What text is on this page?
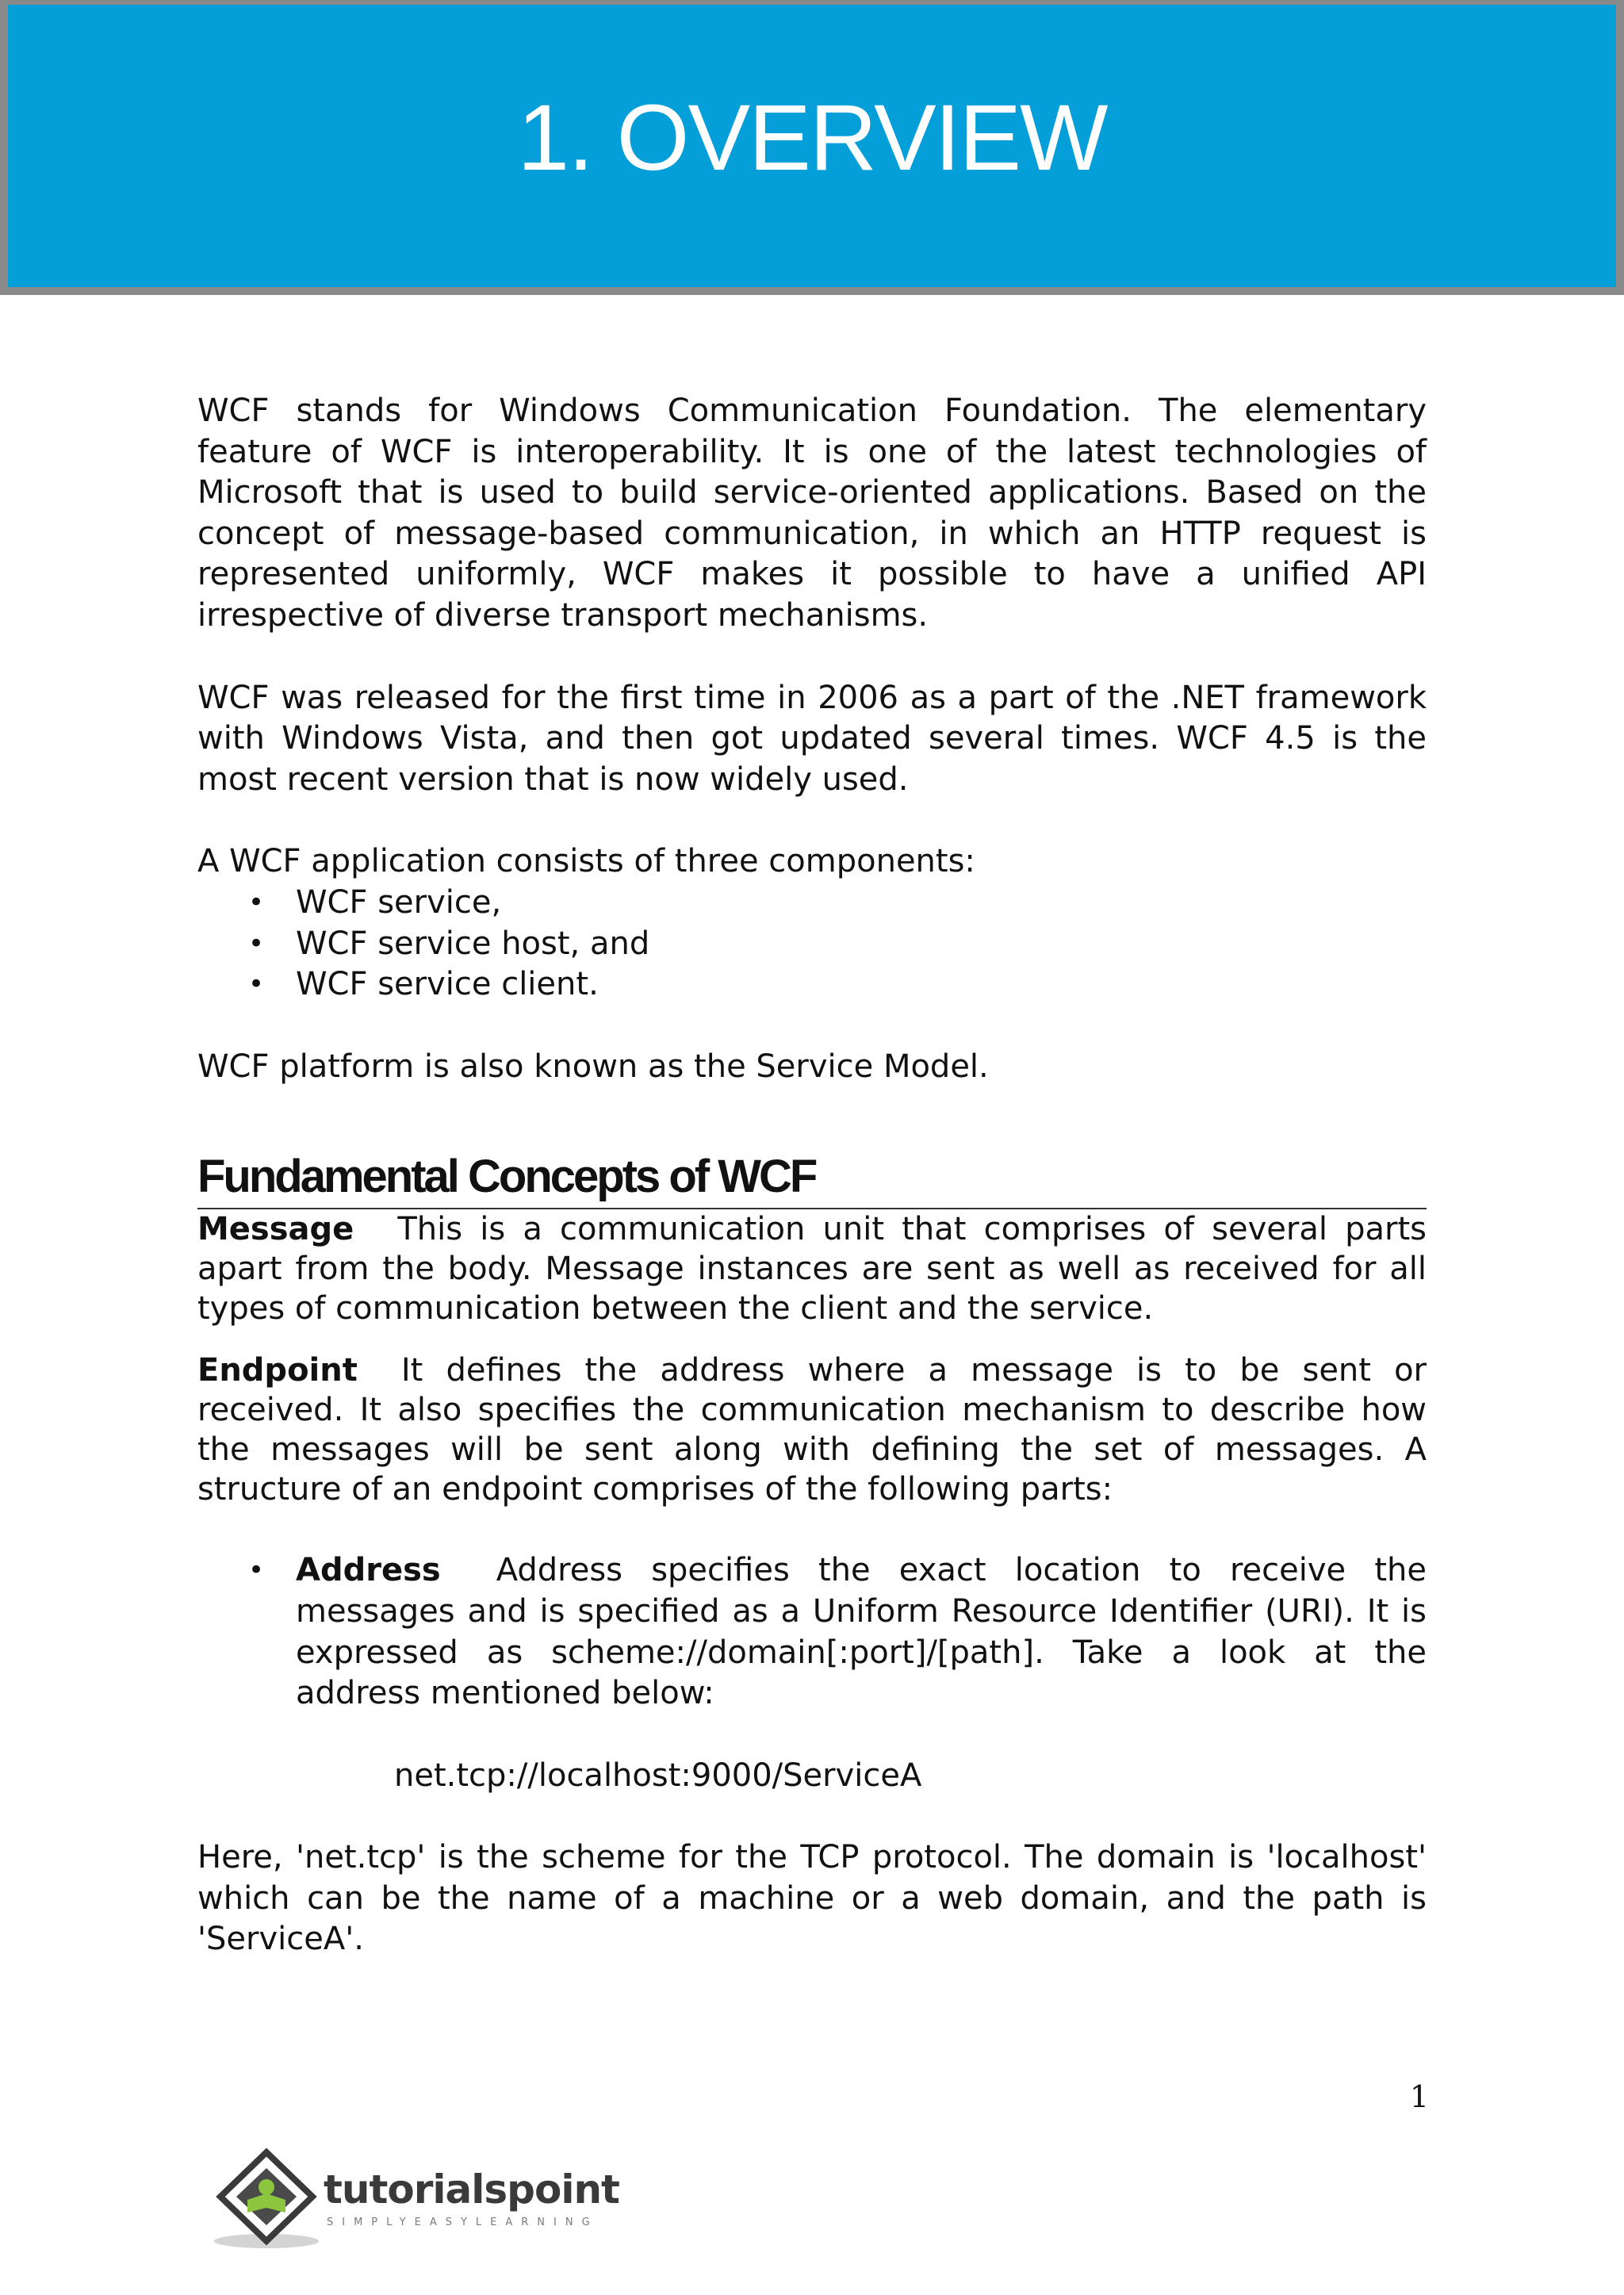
1. OVERVIEW

WCF stands for Windows Communication Foundation. The elementary feature of WCF is interoperability. It is one of the latest technologies of Microsoft that is used to build service-oriented applications. Based on the concept of message-based communication, in which an HTTP request is represented uniformly, WCF makes it possible to have a unified API irrespective of diverse transport mechanisms.

WCF was released for the first time in 2006 as a part of the .NET framework with Windows Vista, and then got updated several times. WCF 4.5 is the most recent version that is now widely used.

A WCF application consists of three components:

• WCF service,
• WCF service host, and
• WCF service client.

WCF platform is also known as the Service Model.

Fundamental Concepts of WCF

Message This is a communication unit that comprises of several parts apart from the body. Message instances are sent as well as received for all types of communication between the client and the service.

Endpoint It defines the address where a message is to be sent or received. It also specifies the communication mechanism to describe how the messages will be sent along with defining the set of messages. A structure of an endpoint comprises of the following parts:

• Address Address specifies the exact location to receive the messages and is specified as a Uniform Resource Identifier (URI). It is expressed as scheme://domain[:port]/[path]. Take a look at the address mentioned below:

net.tcp://localhost:9000/ServiceA

Here, 'net.tcp' is the scheme for the TCP protocol. The domain is 'localhost' which can be the name of a machine or a web domain, and the path is 'ServiceA'.

1
tutorialspoint
SIMPLYEASYLEARNING
